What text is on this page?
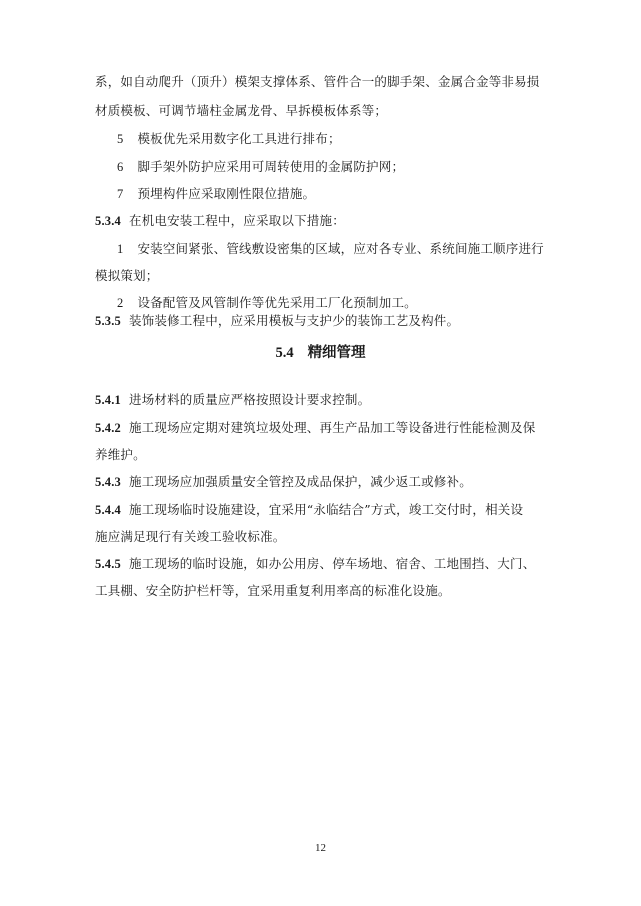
系，如自动爬升（顶升）模架支撑体系、管件合一的脚手架、金属合金等非易损
材质模板、可调节墙柱金属龙骨、早拆模板体系等；
5 模板优先采用数字化工具进行排布；
6 脚手架外防护应采用可周转使用的金属防护网；
7 预埋构件应采取刚性限位措施。
5.3.4 在机电安装工程中，应采取以下措施：
1 安装空间紧张、管线敷设密集的区域，应对各专业、系统间施工顺序进行
模拟策划；
2 设备配管及风管制作等优先采用工厂化预制加工。
5.3.5 装饰装修工程中，应采用模板与支护少的装饰工艺及构件。
5.4 精细管理
5.4.1 进场材料的质量应严格按照设计要求控制。
5.4.2 施工现场应定期对建筑垃圾处理、再生产品加工等设备进行性能检测及保
养维护。
5.4.3 施工现场应加强质量安全管控及成品保护，减少返工或修补。
5.4.4 施工现场临时设施建设，宜采用“永临结合”方式，竣工交付时，相关设
施应满足现行有关竣工验收标准。
5.4.5 施工现场的临时设施，如办公用房、停车场地、宿舍、工地围挡、大门、
工具棚、安全防护栏杆等，宜采用重复利用率高的标准化设施。
12
